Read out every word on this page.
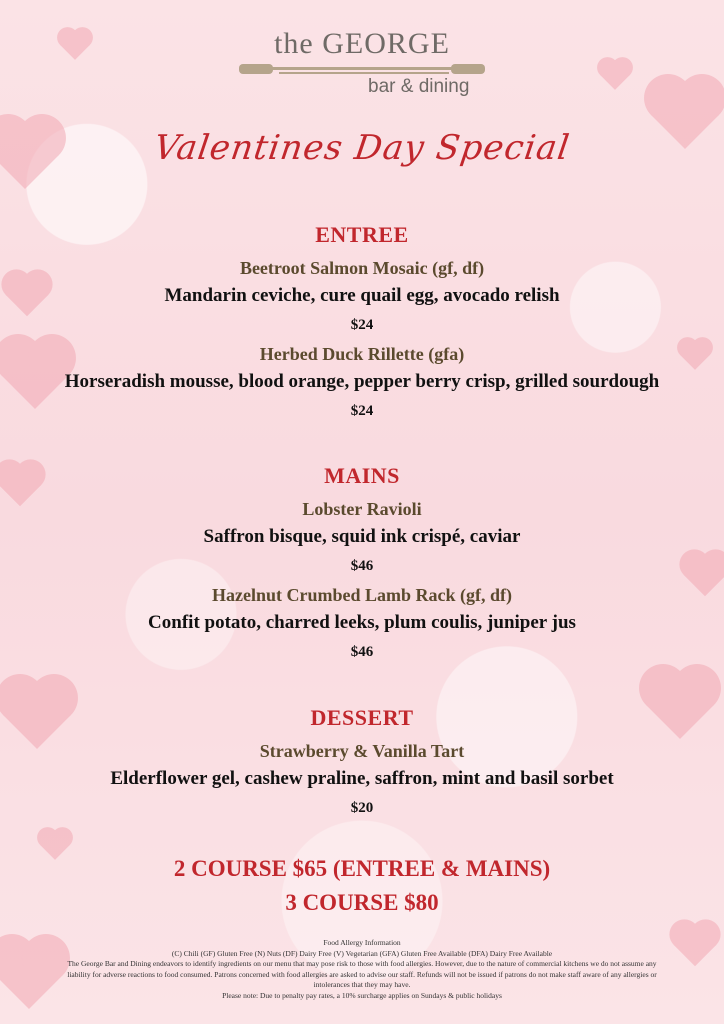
the GEORGE
bar & dining
Valentines Day Special
ENTREE
Beetroot Salmon Mosaic (gf, df)
Mandarin ceviche, cure quail egg, avocado relish
$24
Herbed Duck Rillette (gfa)
Horseradish mousse, blood orange, pepper berry crisp, grilled sourdough
$24
MAINS
Lobster Ravioli
Saffron bisque, squid ink crispé, caviar
$46
Hazelnut Crumbed Lamb Rack (gf, df)
Confit potato, charred leeks, plum coulis, juniper jus
$46
DESSERT
Strawberry & Vanilla Tart
Elderflower gel, cashew praline, saffron, mint and basil sorbet
$20
2 COURSE $65 (ENTREE & MAINS)
3 COURSE $80
Food Allergy Information
(C) Chili (GF) Gluten Free (N) Nuts (DF) Dairy Free (V) Vegetarian (GFA) Gluten Free Available (DFA) Dairy Free Available
The George Bar and Dining endeavors to identify ingredients on our menu that may pose risk to those with food allergies. However, due to the nature of commercial kitchens we do not assume any liability for adverse reactions to food consumed. Patrons concerned with food allergies are asked to advise our staff. Refunds will not be issued if patrons do not make staff aware of any allergies or intolerances that they may have.
Please note: Due to penalty pay rates, a 10% surcharge applies on Sundays & public holidays
